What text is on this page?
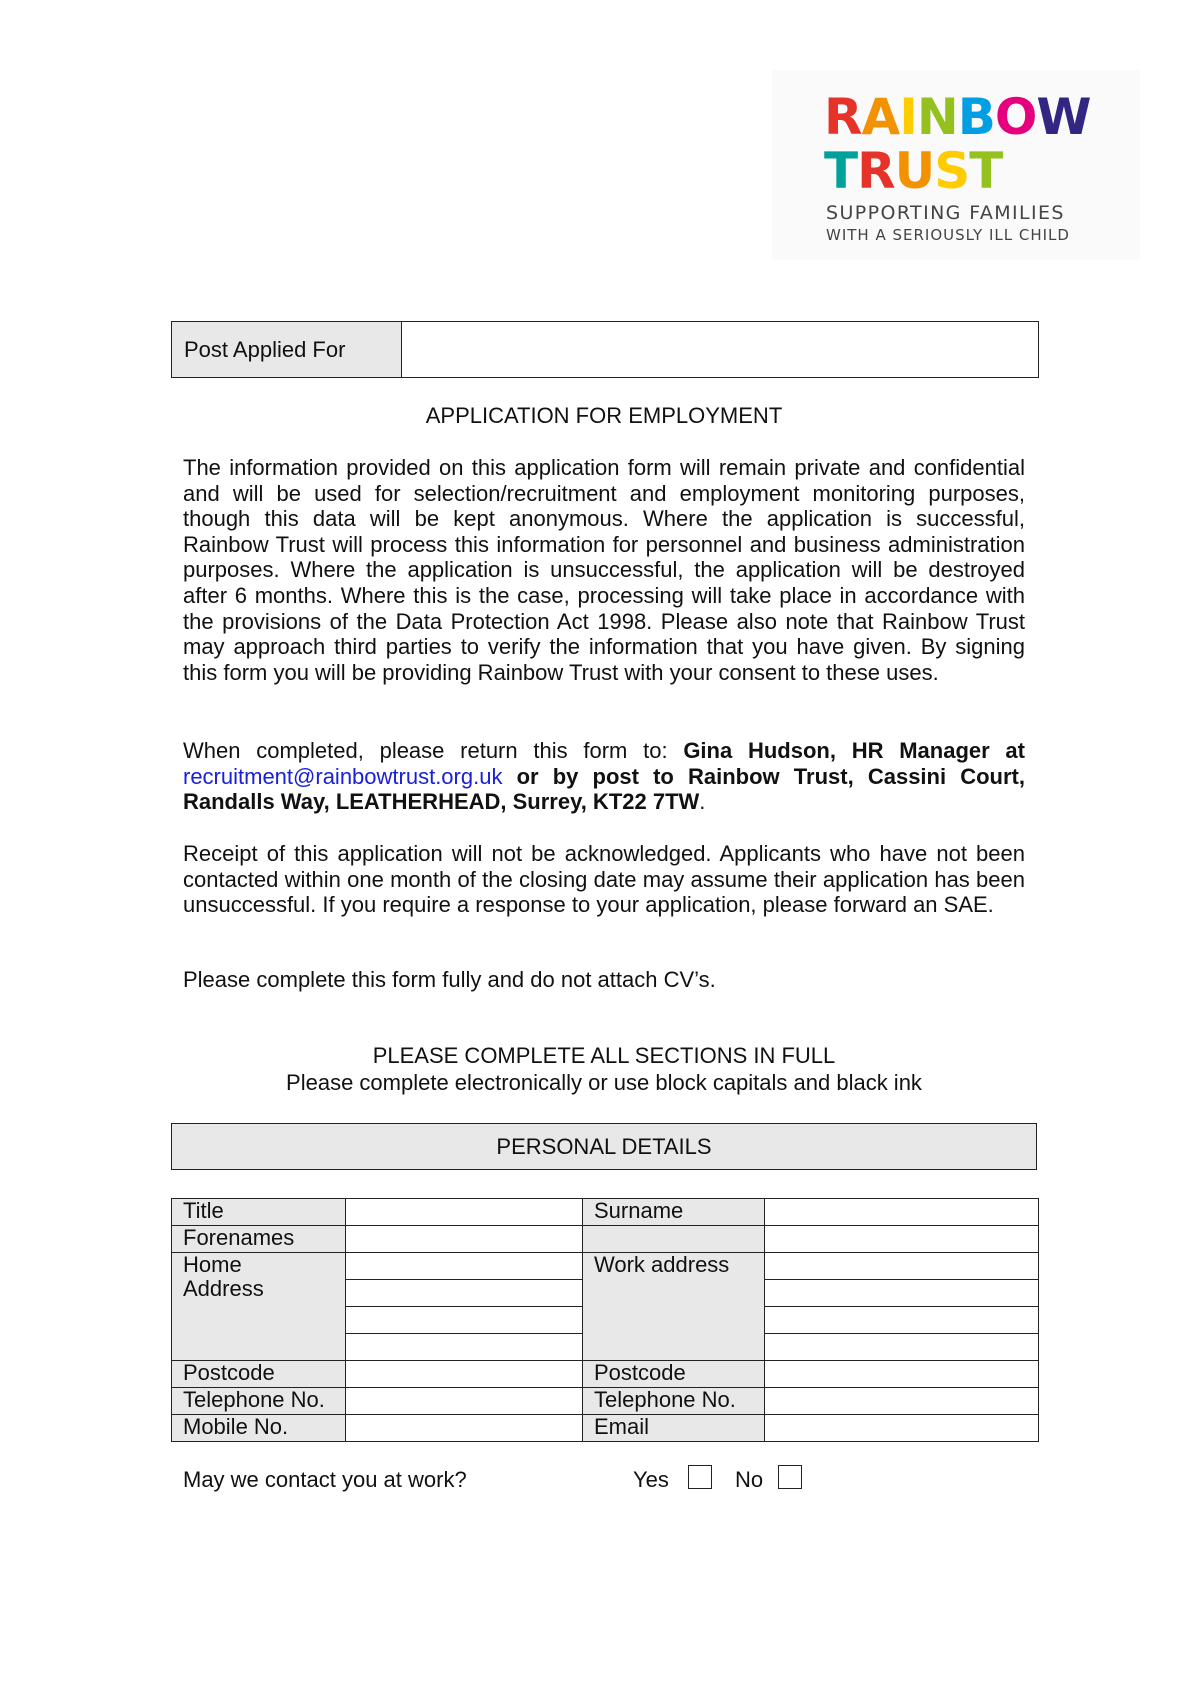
RAINBOW
TRUST
SUPPORTING FAMILIES
WITH A SERIOUSLY ILL CHILD
Post Applied For
APPLICATION FOR EMPLOYMENT

The information provided on this application form will remain private and confidential and will be used for selection/recruitment and employment monitoring purposes, though this data will be kept anonymous. Where the application is successful, Rainbow Trust will process this information for personnel and business administration purposes. Where the application is unsuccessful, the application will be destroyed after 6 months. Where this is the case, processing will take place in accordance with the provisions of the Data Protection Act 1998. Please also note that Rainbow Trust may approach third parties to verify the information that you have given. By signing this form you will be providing Rainbow Trust with your consent to these uses.

When completed, please return this form to: Gina Hudson, HR Manager at recruitment@rainbowtrust.org.uk or by post to Rainbow Trust, Cassini Court, Randalls Way, LEATHERHEAD, Surrey, KT22 7TW.

Receipt of this application will not be acknowledged. Applicants who have not been contacted within one month of the closing date may assume their application has been unsuccessful. If you require a response to your application, please forward an SAE.

Please complete this form fully and do not attach CV’s.

PLEASE COMPLETE ALL SECTIONS IN FULL
Please complete electronically or use block capitals and black ink
PERSONAL DETAILS
Title		Surname	
Forenames			
Home
Address		Work address	

Postcode		Postcode	
Telephone No.		Telephone No.	
Mobile No.		Email	
May we contact you at work?	Yes	No
